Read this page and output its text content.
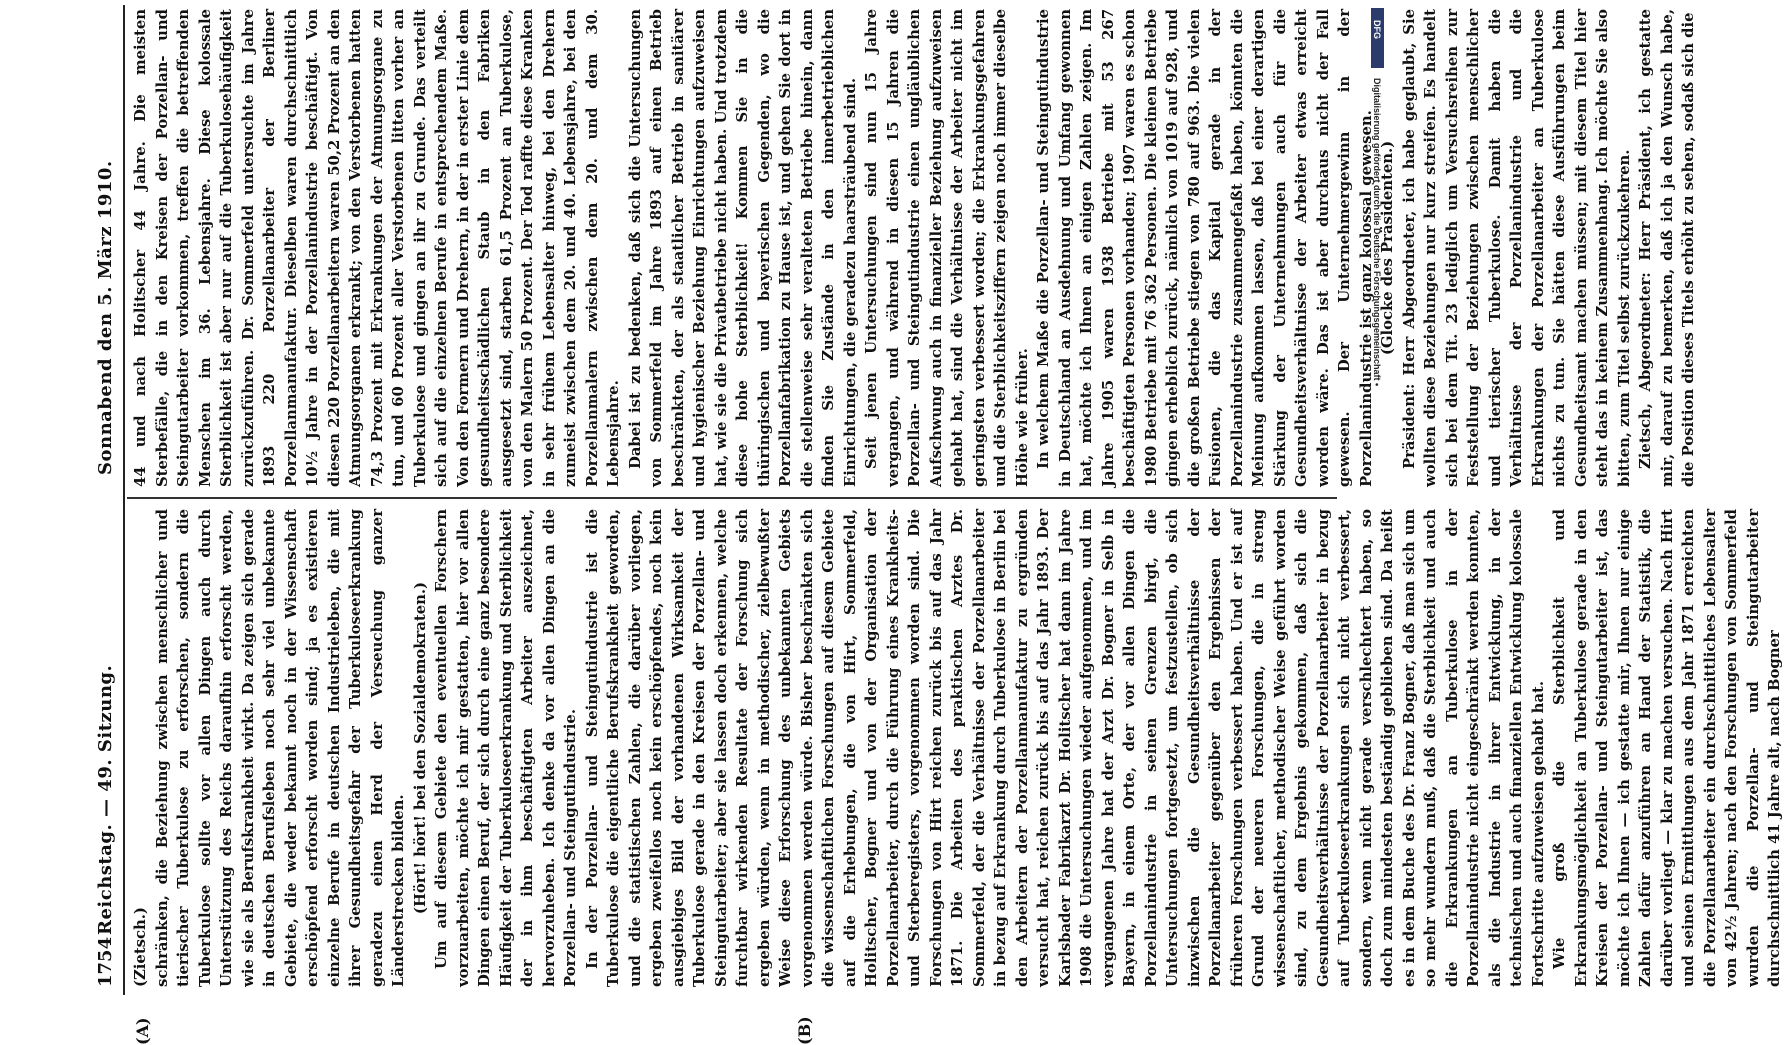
1754
Reichstag. — 49. Sitzung.
Sonnabend den 5. März 1910.
(A)	(B)

(Zietsch.) schränken, die Beziehung zwischen menschlicher und tierischer Tuberkulose zu erforschen, sondern die Tuberkulose sollte vor allen Dingen auch durch Unterstützung des Reichs daraufhin erforscht werden, wie sie als Berufskrankheit wirkt. Da zeigen sich gerade in deutschen Berufsleben noch sehr viel unbekannte Gebiete, die weder bekannt noch in der Wissenschaft erschöpfend erforscht worden sind; ja es existieren einzelne Berufe in deutschen Industrieleben, die mit ihrer Gesundheitsgefahr der Tuberkuloseerkrankung geradezu einen Herd der Verseuchung ganzer Länderstrecken bilden. (Hört! hört! bei den Sozialdemokraten.) Um auf diesem Gebiete den eventuellen Forschern vorzuarbeiten, möchte ich mir gestatten, hier vor allen Dingen einen Beruf, der sich durch eine ganz besondere Häufigkeit der Tuberkuloseerkrankung und Sterblichkeit der in ihm beschäftigten Arbeiter auszeichnet, hervorzuheben. Ich denke da vor allen Dingen an die Porzellan- und Steingutindustrie. In der Porzellan- und Steingutindustrie ist die Tuberkulose die eigentliche Berufskrankheit geworden, und die statistischen Zahlen, die darüber vorliegen, ergeben zweifellos noch kein erschöpfendes, noch kein ausgiebiges Bild der vorhandenen Wirksamkeit der Tuberkulose gerade in den Kreisen der Porzellan- und Steingutarbeiter; aber sie lassen doch erkennen, welche furchtbar wirkenden Resultate der Forschung sich ergeben würden, wenn in methodischer, zielbewußter Weise diese Erforschung des unbekannten Gebiets vorgenommen werden würde. Bisher beschränkten sich die wissenschaftlichen Forschungen auf diesem Gebiete auf die Erhebungen, die von Hirt, Sommerfeld, Holitscher, Bogner und von der Organisation der Porzellanarbeiter, durch die Führung eines Krankheits- und Sterberegisters, vorgenommen worden sind. Die Forschungen von Hirt reichen zurück bis auf das Jahr 1871. Die Arbeiten des praktischen Arztes Dr. Sommerfeld, der die Verhältnisse der Porzellanarbeiter in bezug auf Erkrankung durch Tuberkulose in Berlin bei den Arbeitern der Porzellanmanufaktur zu ergründen versucht hat, reichen zurück bis auf das Jahr 1893. Der Karlsbader Fabrikarzt Dr. Holitscher hat dann im Jahre 1908 die Untersuchungen wieder aufgenommen, und im vergangenen Jahre hat der Arzt Dr. Bogner in Selb in Bayern, in einem Orte, der vor allen Dingen die Porzellanindustrie in seinen Grenzen birgt, die Untersuchungen fortgesetzt, um festzustellen, ob sich inzwischen die Gesundheitsverhältnisse der Porzellanarbeiter gegenüber den Ergebnissen der früheren Forschungen verbessert haben. Und er ist auf Grund der neueren Forschungen, die in streng wissenschaftlicher, methodischer Weise geführt worden sind, zu dem Ergebnis gekommen, daß sich die Gesundheitsverhältnisse der Porzellanarbeiter in bezug auf Tuberkuloseerkrankungen sich nicht verbessert, sondern, wenn nicht gerade verschlechtert haben, so doch zum mindesten beständig geblieben sind. Da heißt es in dem Buche des Dr. Franz Bogner, daß man sich um so mehr wundern muß, daß die Sterblichkeit und auch die Erkrankungen an Tuberkulose in der Porzellanindustrie nicht eingeschränkt werden konnten, als die Industrie in ihrer Entwicklung, in der technischen und auch finanziellen Entwicklung kolossale Fortschritte aufzuweisen gehabt hat. Wie groß die Sterblichkeit und Erkrankungsmöglichkeit an Tuberkulose gerade in den Kreisen der Porzellan- und Steingutarbeiter ist, das möchte ich Ihnen — ich gestatte mir, Ihnen nur einige Zahlen dafür anzuführen an Hand der Statistik, die darüber vorliegt — klar zu machen versuchen. Nach Hirt und seinen Ermittlungen aus dem Jahr 1871 erreichten die Porzellanarbeiter ein durchschnittliches Lebensalter von 42½ Jahren; nach den Forschungen von Sommerfeld wurden die Porzellan- und Steingutarbeiter durchschnittlich 41 Jahre alt, nach Bogner

44 und nach Holitscher 44 Jahre. Die meisten Sterbefälle, die in den Kreisen der Porzellan- und Steingutarbeiter vorkommen, treffen die betreffenden Menschen im 36. Lebensjahre. Diese kolossale Sterblichkeit ist aber nur auf die Tuberkulosehäufigkeit zurückzuführen. Dr. Sommerfeld untersuchte im Jahre 1893 220 Porzellanarbeiter der Berliner Porzellanmanufaktur. Dieselben waren durchschnittlich 10½ Jahre in der Porzellanindustrie beschäftigt. Von diesen 220 Porzellanarbeitern waren 50,2 Prozent an den Atmungsorganen erkrankt; von den Verstorbenen hatten 74,3 Prozent mit Erkrankungen der Atmungsorgane zu tun, und 60 Prozent aller Verstorbenen litten vorher an Tuberkulose und gingen an ihr zu Grunde. Das verteilt sich auf die einzelnen Berufe in entsprechendem Maße. Von den Formern und Drehern, in der in erster Linie dem gesundheitsschädlichen Staub in den Fabriken ausgesetzt sind, starben 61,5 Prozent an Tuberkulose, von den Malern 50 Prozent. Der Tod raffte diese Kranken in sehr frühem Lebensalter hinweg, bei den Drehern zumeist zwischen dem 20. und 40. Lebensjahre, bei den Porzellanmalern zwischen dem 20. und dem 30. Lebensjahre. Dabei ist zu bedenken, daß sich die Untersuchungen von Sommerfeld im Jahre 1893 auf einen Betrieb beschränkten, der als staatlicher Betrieb in sanitärer und hygienischer Beziehung Einrichtungen aufzuweisen hat, wie sie die Privatbetriebe nicht haben. Und trotzdem diese hohe Sterblichkeit! Kommen Sie in die thüringischen und bayerischen Gegenden, wo die Porzellanfabrikation zu Hause ist, und gehen Sie dort in die stellenweise sehr veralteten Betriebe hinein, dann finden Sie Zustände in den innerbetrieblichen Einrichtungen, die geradezu haarsträubend sind. Seit jenen Untersuchungen sind nun 15 Jahre vergangen, und während in diesen 15 Jahren die Porzellan- und Steingutindustrie einen ungläublichen Aufschwung auch in finanzieller Beziehung aufzuweisen gehabt hat, sind die Verhältnisse der Arbeiter nicht im geringsten verbessert worden; die Erkrankungsgefahren und die Sterblichkeitsziffern zeigen noch immer dieselbe Höhe wie früher. In welchem Maße die Porzellan- und Steingutindustrie in Deutschland an Ausdehnung und Umfang gewonnen hat, möchte ich Ihnen an einigen Zahlen zeigen. Im Jahre 1905 waren 1938 Betriebe mit 53 267 beschäftigten Personen vorhanden; 1907 waren es schon 1980 Betriebe mit 76 362 Personen. Die kleinen Betriebe gingen erheblich zurück, nämlich von 1019 auf 928, und die großen Betriebe stiegen von 780 auf 963. Die vielen Fusionen, die das Kapital gerade in der Porzellanindustrie zusammengefaßt haben, könnten die Meinung aufkommen lassen, daß bei einer derartigen Stärkung der Unternehmungen auch für die Gesundheitsverhältnisse der Arbeiter etwas erreicht worden wäre. Das ist aber durchaus nicht der Fall gewesen. Der Unternehmergewinn in der Porzellanindustrie ist ganz kolossal gewesen. (Glocke des Präsidenten.) Präsident: Herr Abgeordneter, ich habe geglaubt, Sie wollten diese Beziehungen nur kurz streifen. Es handelt sich bei dem Tit. 23 lediglich um Versuchsreihen zur Feststellung der Beziehungen zwischen menschlicher und tierischer Tuberkulose. Damit haben die Verhältnisse der Porzellanindustrie und die Erkrankungen der Porzellanarbeiter an Tuberkulose nichts zu tun. Sie hätten diese Ausführungen beim Gesundheitsamt machen müssen; mit diesem Titel hier steht das in keinem Zusammenhang. Ich möchte Sie also bitten, zum Titel selbst zurückzukehren. Zietsch, Abgeordneter: Herr Präsident, ich gestatte mir, darauf zu bemerken, daß ich ja den Wunsch habe, die Position dieses Titels erhöht zu sehen, sodaß sich die

DFG
Digitalisierung gefördert durch die Deutsche Forschungsgemeinschaft •
